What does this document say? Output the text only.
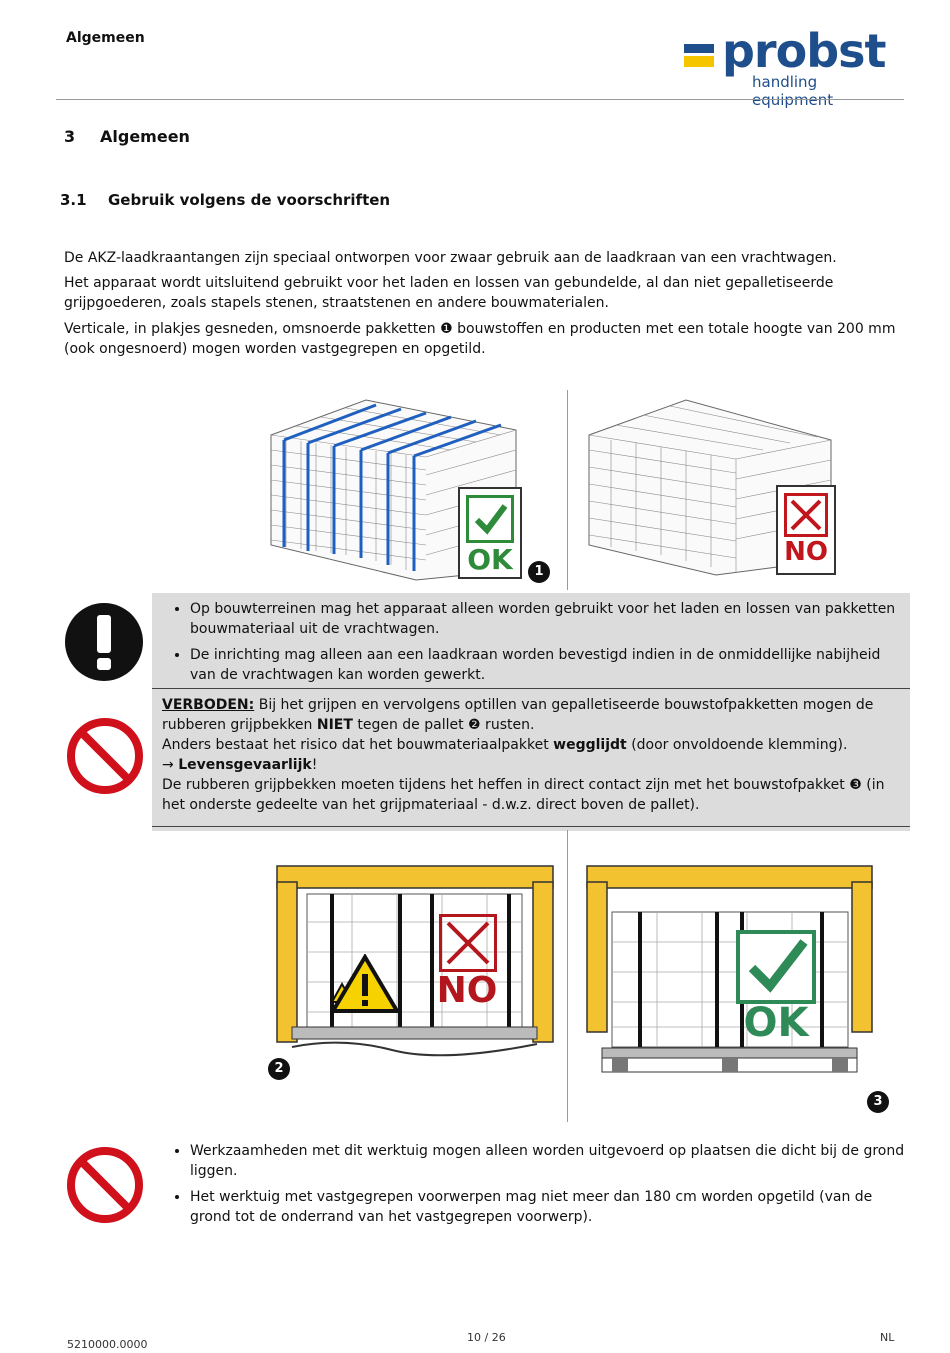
Algemeen	probst
handling equipment
3 Algemeen
3.1 Gebruik volgens de voorschriften
De AKZ-laadkraantangen zijn speciaal ontworpen voor zwaar gebruik aan de laadkraan van een vrachtwagen.
Het apparaat wordt uitsluitend gebruikt voor het laden en lossen van gebundelde, al dan niet gepalletiseerde grijpgoederen, zoals stapels stenen, straatstenen en andere bouwmaterialen.
Verticale, in plakjes gesneden, omsnoerde pakketten ❶ bouwstoffen en producten met een totale hoogte van 200 mm (ook ongesnoerd) mogen worden vastgegrepen en opgetild.
OK	1
NO
• Op bouwterreinen mag het apparaat alleen worden gebruikt voor het laden en lossen van pakketten bouwmateriaal uit de vrachtwagen.
• De inrichting mag alleen aan een laadkraan worden bevestigd indien in de onmiddellijke nabijheid van de vrachtwagen kan worden gewerkt.
VERBODEN: Bij het grijpen en vervolgens optillen van gepalletiseerde bouwstofpakketten mogen de rubberen grijpbekken NIET tegen de pallet ❷ rusten.
Anders bestaat het risico dat het bouwmateriaalpakket wegglijdt (door onvoldoende klemming).
→ Levensgevaarlijk!
De rubberen grijpbekken moeten tijdens het heffen in direct contact zijn met het bouwstofpakket ❸ (in het onderste gedeelte van het grijpmateriaal - d.w.z. direct boven de pallet).
NO
2
OK
3
• Werkzaamheden met dit werktuig mogen alleen worden uitgevoerd op plaatsen die dicht bij de grond liggen.
• Het werktuig met vastgegrepen voorwerpen mag niet meer dan 180 cm worden opgetild (van de grond tot de onderrand van het vastgegrepen voorwerp).
5210000.0000
10 / 26	NL
